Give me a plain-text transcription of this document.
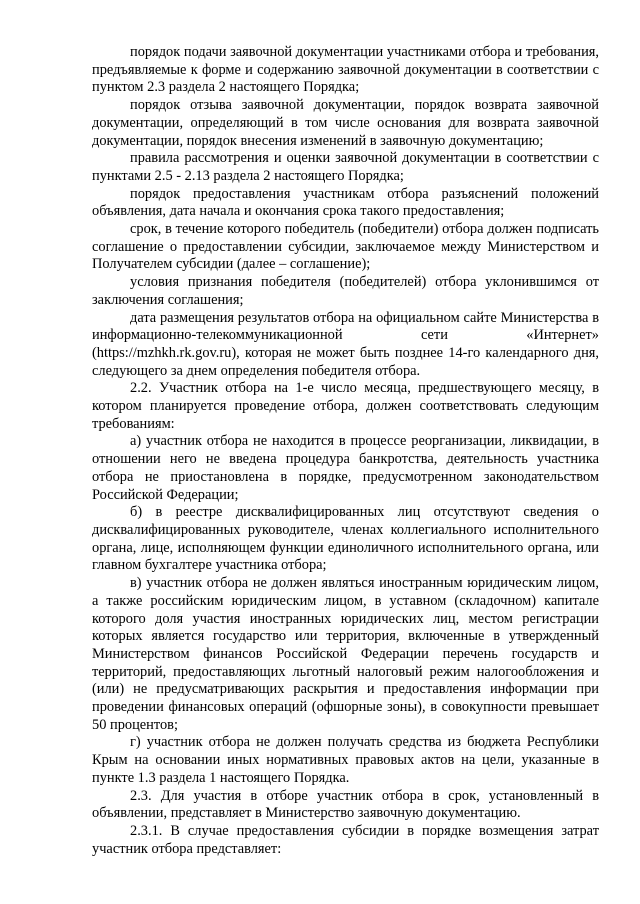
порядок подачи заявочной документации участниками отбора и требования, предъявляемые к форме и содержанию заявочной документации в соответствии с пунктом 2.3 раздела 2 настоящего Порядка;

порядок отзыва заявочной документации, порядок возврата заявочной документации, определяющий в том числе основания для возврата заявочной документации, порядок внесения изменений в заявочную документацию;

правила рассмотрения и оценки заявочной документации в соответствии с пунктами 2.5 - 2.13 раздела 2 настоящего Порядка;

порядок предоставления участникам отбора разъяснений положений объявления, дата начала и окончания срока такого предоставления;

срок, в течение которого победитель (победители) отбора должен подписать соглашение о предоставлении субсидии, заключаемое между Министерством и Получателем субсидии (далее – соглашение);

условия признания победителя (победителей) отбора уклонившимся от заключения соглашения;

дата размещения результатов отбора на официальном сайте Министерства в информационно-телекоммуникационной сети «Интернет» (https://mzhkh.rk.gov.ru), которая не может быть позднее 14-го календарного дня, следующего за днем определения победителя отбора.

2.2. Участник отбора на 1-е число месяца, предшествующего месяцу, в котором планируется проведение отбора, должен соответствовать следующим требованиям:

а) участник отбора не находится в процессе реорганизации, ликвидации, в отношении него не введена процедура банкротства, деятельность участника отбора не приостановлена в порядке, предусмотренном законодательством Российской Федерации;

б) в реестре дисквалифицированных лиц отсутствуют сведения о дисквалифицированных руководителе, членах коллегиального исполнительного органа, лице, исполняющем функции единоличного исполнительного органа, или главном бухгалтере участника отбора;

в) участник отбора не должен являться иностранным юридическим лицом, а также российским юридическим лицом, в уставном (складочном) капитале которого доля участия иностранных юридических лиц, местом регистрации которых является государство или территория, включенные в утвержденный Министерством финансов Российской Федерации перечень государств и территорий, предоставляющих льготный налоговый режим налогообложения и (или) не предусматривающих раскрытия и предоставления информации при проведении финансовых операций (офшорные зоны), в совокупности превышает 50 процентов;

г) участник отбора не должен получать средства из бюджета Республики Крым на основании иных нормативных правовых актов на цели, указанные в пункте 1.3 раздела 1 настоящего Порядка.

2.3. Для участия в отборе участник отбора в срок, установленный в объявлении, представляет в Министерство заявочную документацию.

2.3.1. В случае предоставления субсидии в порядке возмещения затрат участник отбора представляет:
